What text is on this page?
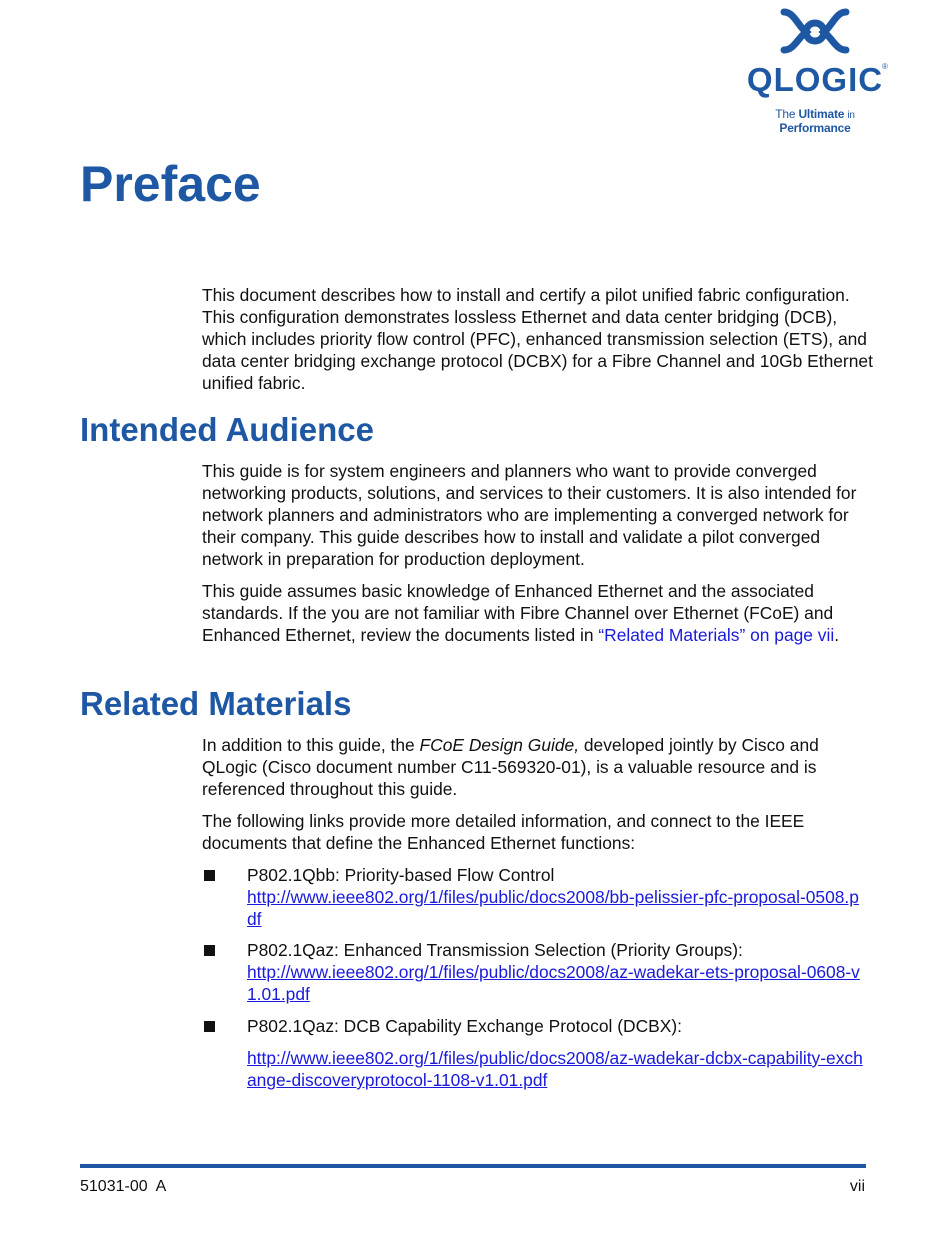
QLOGIC
®
The Ultimate in Performance
Preface

This document describes how to install and certify a pilot unified fabric configuration. This configuration demonstrates lossless Ethernet and data center bridging (DCB), which includes priority flow control (PFC), enhanced transmission selection (ETS), and data center bridging exchange protocol (DCBX) for a Fibre Channel and 10Gb Ethernet unified fabric.

Intended Audience

This guide is for system engineers and planners who want to provide converged networking products, solutions, and services to their customers. It is also intended for network planners and administrators who are implementing a converged network for their company. This guide describes how to install and validate a pilot converged network in preparation for production deployment.

This guide assumes basic knowledge of Enhanced Ethernet and the associated standards. If the you are not familiar with Fibre Channel over Ethernet (FCoE) and Enhanced Ethernet, review the documents listed in “Related Materials” on page vii.

Related Materials

In addition to this guide, the FCoE Design Guide, developed jointly by Cisco and QLogic (Cisco document number C11-569320-01), is a valuable resource and is referenced throughout this guide.

The following links provide more detailed information, and connect to the IEEE documents that define the Enhanced Ethernet functions:

P802.1Qbb: Priority-based Flow Control

http://www.ieee802.org/1/files/public/docs2008/bb-pelissier-pfc-proposal-0508.pdf

P802.1Qaz: Enhanced Transmission Selection (Priority Groups):

http://www.ieee802.org/1/files/public/docs2008/az-wadekar-ets-proposal-0608-v1.01.pdf

P802.1Qaz: DCB Capability Exchange Protocol (DCBX):

http://www.ieee802.org/1/files/public/docs2008/az-wadekar-dcbx-capability-exchange-discoveryprotocol-1108-v1.01.pdf

51031-00  A	vii
